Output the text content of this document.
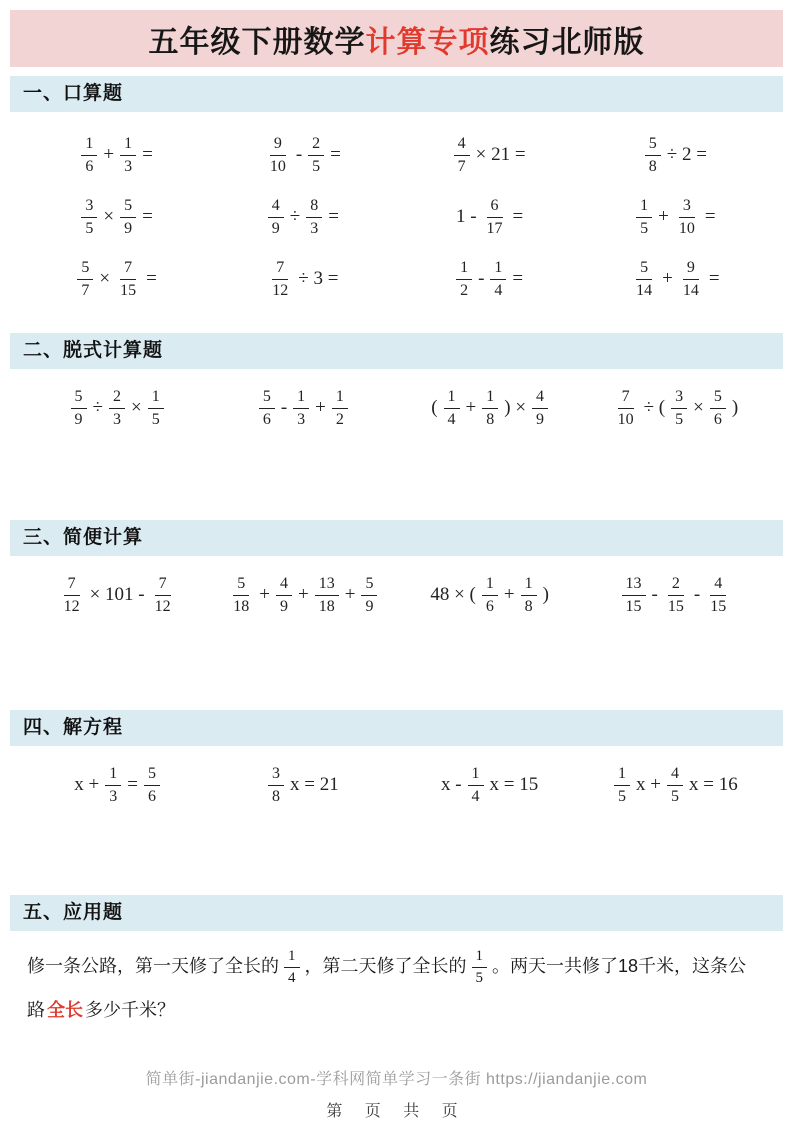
五年级下册数学计算专项练习北师版
一、口算题
$\frac{1}{6} + \frac{1}{3}$ =	$\frac{9}{10} - \frac{2}{5}$ =	$\frac{4}{7} \times 21$ =	$\frac{5}{8} \div 2$ =
$\frac{3}{5} \times \frac{5}{9}$ =	$\frac{4}{9} \div \frac{8}{3}$ =	$1 - \frac{6}{17}$ =	$\frac{1}{5} + \frac{3}{10}$ =
$\frac{5}{7} \times \frac{7}{15}$ =	$\frac{7}{12} \div 3$ =	$\frac{1}{2} - \frac{1}{4}$ =	$\frac{5}{14} + \frac{9}{14}$ =
二、脱式计算题
$\frac{5}{9} \div \frac{2}{3} \times \frac{1}{5}$	$\frac{5}{6} - \frac{1}{3} + \frac{1}{2}$	( $\frac{1}{4} + \frac{1}{8}$ ) × $\frac{4}{9}$	$\frac{7}{10}$ ÷ ( $\frac{3}{5} \times \frac{5}{6}$ )
三、简便计算
$\frac{7}{12} \times 101 - \frac{7}{12}$	$\frac{5}{18} + \frac{4}{9} + \frac{13}{18} + \frac{5}{9}$	48 × ( $\frac{1}{6} + \frac{1}{8}$ )	$\frac{13}{15} - \frac{2}{15} - \frac{4}{15}$
四、解方程
$x + \frac{1}{3} = \frac{5}{6}$	$\frac{3}{8}$ x = 21	x - $\frac{1}{4}$ x = 15	$\frac{1}{5}$ $x + \frac{4}{5}$ x = 16
五、应用题

修一条公路，第一天修了全长的 $\frac{1}{4}$ ，第二天修了全长的 $\frac{1}{5}$ 。两天一共修了18千米，这条公
路 全长 多少千米？

简单街-jiandanjie.com-学科网简单学习一条街 https://jiandanjie.com
第 页 共 页
